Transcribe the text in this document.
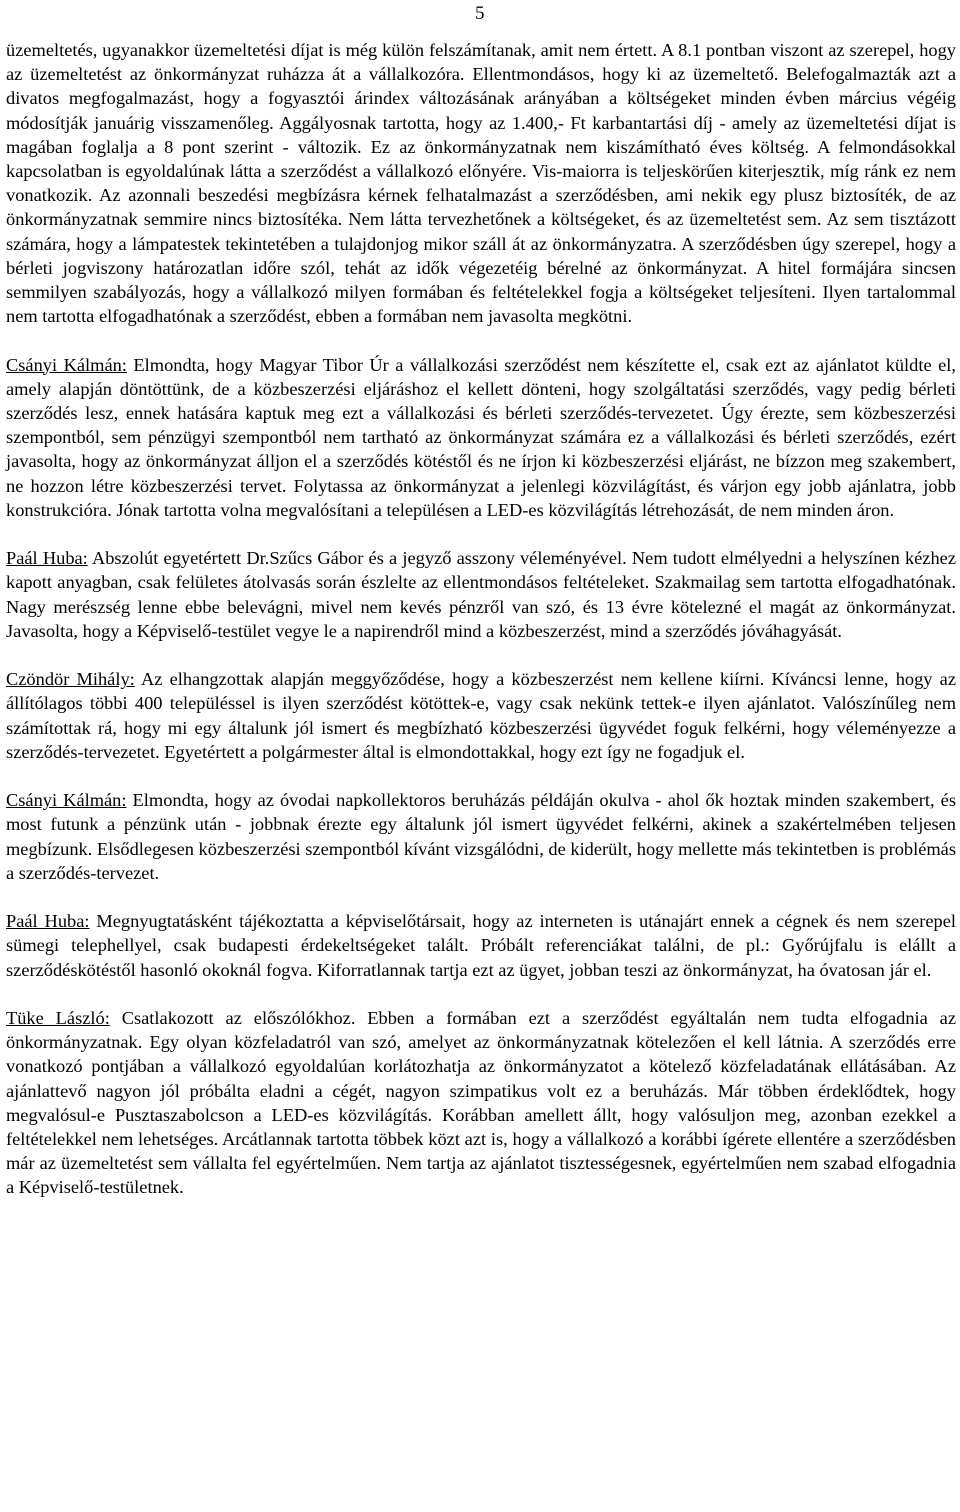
5

üzemeltetés, ugyanakkor üzemeltetési díjat is még külön felszámítanak, amit nem értett. A 8.1 pontban viszont az szerepel, hogy az üzemeltetést az önkormányzat ruházza át a vállalkozóra. Ellentmondásos, hogy ki az üzemeltető. Belefogalmazták azt a divatos megfogalmazást, hogy a fogyasztói árindex változásának arányában a költségeket minden évben március végéig módosítják januárig visszamenőleg. Aggályosnak tartotta, hogy az 1.400,- Ft karbantartási díj - amely az üzemeltetési díjat is magában foglalja a 8 pont szerint - változik. Ez az önkormányzatnak nem kiszámítható éves költség. A felmondásokkal kapcsolatban is egyoldalúnak látta a szerződést a vállalkozó előnyére. Vis-maiorra is teljeskörűen kiterjesztik, míg ránk ez nem vonatkozik. Az azonnali beszedési megbízásra kérnek felhatalmazást a szerződésben, ami nekik egy plusz biztosíték, de az önkormányzatnak semmire nincs biztosítéka. Nem látta tervezhetőnek a költségeket, és az üzemeltetést sem. Az sem tisztázott számára, hogy a lámpatestek tekintetében a tulajdonjog mikor száll át az önkormányzatra. A szerződésben úgy szerepel, hogy a bérleti jogviszony határozatlan időre szól, tehát az idők végezetéig bérelné az önkormányzat. A hitel formájára sincsen semmilyen szabályozás, hogy a vállalkozó milyen formában és feltételekkel fogja a költségeket teljesíteni. Ilyen tartalommal nem tartotta elfogadhatónak a szerződést, ebben a formában nem javasolta megkötni.

Csányi Kálmán: Elmondta, hogy Magyar Tibor Úr a vállalkozási szerződést nem készítette el, csak ezt az ajánlatot küldte el, amely alapján döntöttünk, de a közbeszerzési eljáráshoz el kellett dönteni, hogy szolgáltatási szerződés, vagy pedig bérleti szerződés lesz, ennek hatására kaptuk meg ezt a vállalkozási és bérleti szerződés-tervezetet. Úgy érezte, sem közbeszerzési szempontból, sem pénzügyi szempontból nem tartható az önkormányzat számára ez a vállalkozási és bérleti szerződés, ezért javasolta, hogy az önkormányzat álljon el a szerződés kötéstől és ne írjon ki közbeszerzési eljárást, ne bízzon meg szakembert, ne hozzon létre közbeszerzési tervet. Folytassa az önkormányzat a jelenlegi közvilágítást, és várjon egy jobb ajánlatra, jobb konstrukcióra. Jónak tartotta volna megvalósítani a településen a LED-es közvilágítás létrehozását, de nem minden áron.

Paál Huba: Abszolút egyetértett Dr.Szűcs Gábor és a jegyző asszony véleményével. Nem tudott elmélyedni a helyszínen kézhez kapott anyagban, csak felületes átolvasás során észlelte az ellentmondásos feltételeket. Szakmailag sem tartotta elfogadhatónak. Nagy merészség lenne ebbe belevágni, mivel nem kevés pénzről van szó, és 13 évre kötelezné el magát az önkormányzat. Javasolta, hogy a Képviselő-testület vegye le a napirendről mind a közbeszerzést, mind a szerződés jóváhagyását.

Czöndör Mihály: Az elhangzottak alapján meggyőződése, hogy a közbeszerzést nem kellene kiírni. Kíváncsi lenne, hogy az állítólagos többi 400 településsel is ilyen szerződést kötöttek-e, vagy csak nekünk tettek-e ilyen ajánlatot. Valószínűleg nem számítottak rá, hogy mi egy általunk jól ismert és megbízható közbeszerzési ügyvédet foguk felkérni, hogy véleményezze a szerződés-tervezetet. Egyetértett a polgármester által is elmondottakkal, hogy ezt így ne fogadjuk el.

Csányi Kálmán: Elmondta, hogy az óvodai napkollektoros beruházás példáján okulva - ahol ők hoztak minden szakembert, és most futunk a pénzünk után - jobbnak érezte egy általunk jól ismert ügyvédet felkérni, akinek a szakértelmében teljesen megbízunk. Elsődlegesen közbeszerzési szempontból kívánt vizsgálódni, de kiderült, hogy mellette más tekintetben is problémás a szerződés-tervezet.

Paál Huba: Megnyugtatásként tájékoztatta a képviselőtársait, hogy az interneten is utánajárt ennek a cégnek és nem szerepel sümegi telephellyel, csak budapesti érdekeltségeket talált. Próbált referenciákat találni, de pl.: Győrújfalu is elállt a szerződéskötéstől hasonló okoknál fogva. Kiforratlannak tartja ezt az ügyet, jobban teszi az önkormányzat, ha óvatosan jár el.

Tüke László: Csatlakozott az előszólókhoz. Ebben a formában ezt a szerződést egyáltalán nem tudta elfogadnia az önkormányzatnak. Egy olyan közfeladatról van szó, amelyet az önkormányzatnak kötelezően el kell látnia. A szerződés erre vonatkozó pontjában a vállalkozó egyoldalúan korlátozhatja az önkormányzatot a kötelező közfeladatának ellátásában. Az ajánlattevő nagyon jól próbálta eladni a cégét, nagyon szimpatikus volt ez a beruházás. Már többen érdeklődtek, hogy megvalósul-e Pusztaszabolcson a LED-es közvilágítás. Korábban amellett állt, hogy valósuljon meg, azonban ezekkel a feltételekkel nem lehetséges. Arcátlannak tartotta többek közt azt is, hogy a vállalkozó a korábbi ígérete ellentére a szerződésben már az üzemeltetést sem vállalta fel egyértelműen. Nem tartja az ajánlatot tisztességesnek, egyértelműen nem szabad elfogadnia a Képviselő-testületnek.
